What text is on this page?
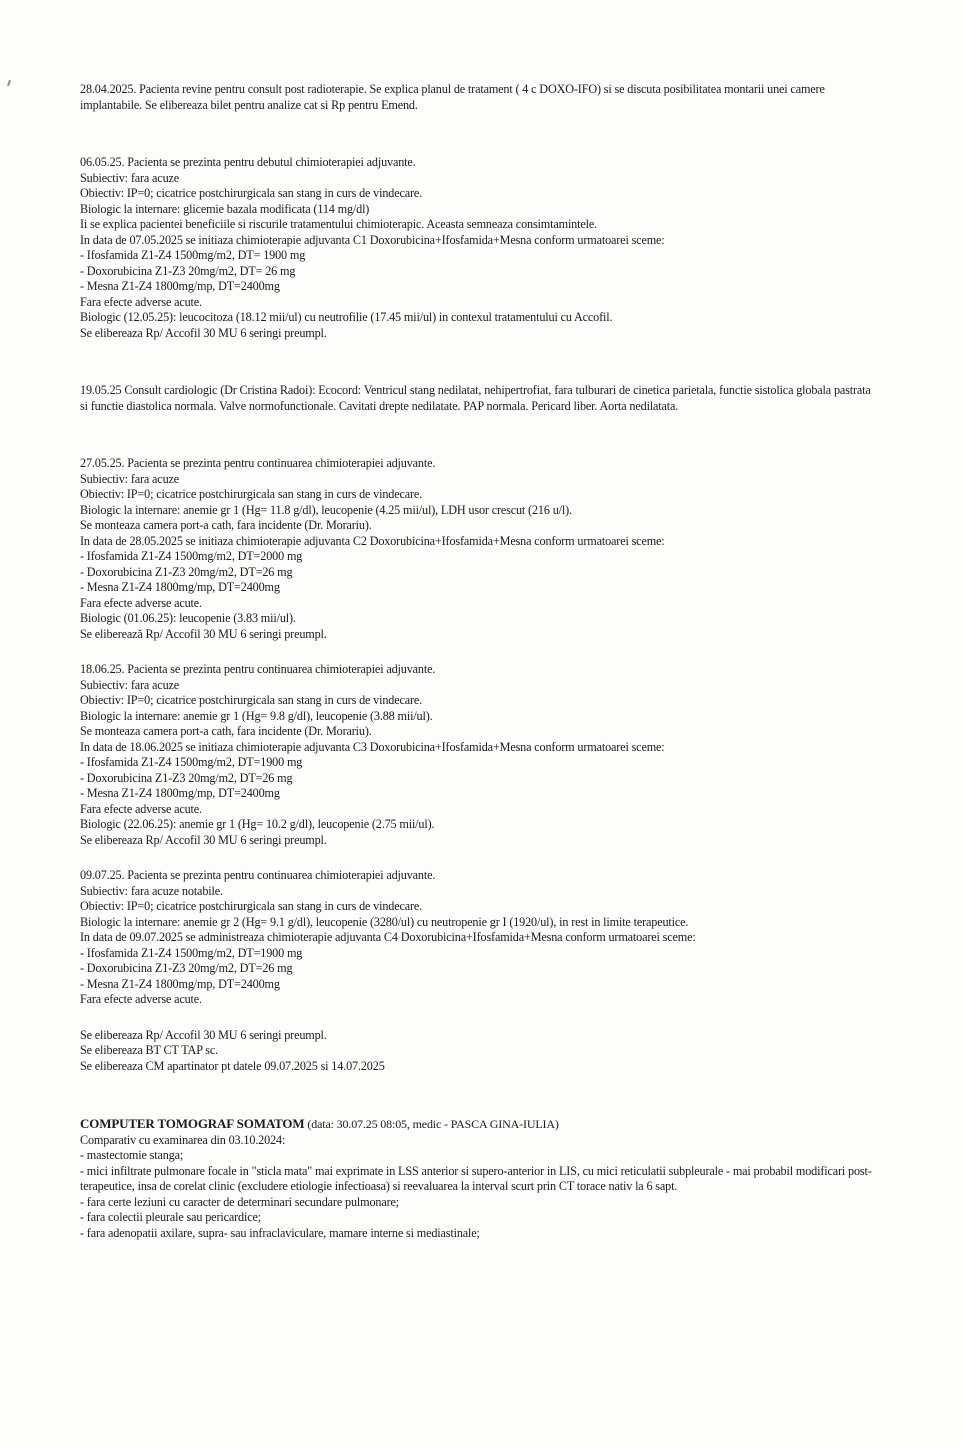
28.04.2025. Pacienta revine pentru consult post radioterapie. Se explica planul de tratament ( 4 c DOXO-IFO) si se discuta posibilitatea montarii unei camere implantabile. Se elibereaza bilet pentru analize cat si Rp pentru Emend.
06.05.25. Pacienta se prezinta pentru debutul chimioterapiei adjuvante.
Subiectiv: fara acuze
Obiectiv: IP=0; cicatrice postchirurgicala san stang in curs de vindecare.
Biologic la internare: glicemie bazala modificata (114 mg/dl)
Ii se explica pacientei beneficiile si riscurile tratamentului chimioterapic. Aceasta semneaza consimtamintele.
In data de 07.05.2025 se initiaza chimioterapie adjuvanta C1 Doxorubicina+Ifosfamida+Mesna conform urmatoarei sceme:
- Ifosfamida Z1-Z4 1500mg/m2, DT= 1900 mg
- Doxorubicina Z1-Z3 20mg/m2, DT= 26 mg
- Mesna Z1-Z4 1800mg/mp, DT=2400mg
Fara efecte adverse acute.
Biologic (12.05.25): leucocitoza (18.12 mii/ul) cu neutrofilie (17.45 mii/ul) in contexul tratamentului cu Accofil.
Se elibereaza Rp/ Accofil 30 MU 6 seringi preumpl.
19.05.25 Consult cardiologic (Dr Cristina Radoi): Ecocord: Ventricul stang nedilatat, nehipertrofiat, fara tulburari de cinetica parietala, functie sistolica globala pastrata si functie diastolica normala. Valve normofunctionale. Cavitati drepte nedilatate. PAP normala. Pericard liber. Aorta nedilatata.
27.05.25. Pacienta se prezinta pentru continuarea chimioterapiei adjuvante.
Subiectiv: fara acuze
Obiectiv: IP=0; cicatrice postchirurgicala san stang in curs de vindecare.
Biologic la internare: anemie gr 1 (Hg= 11.8 g/dl), leucopenie (4.25 mii/ul), LDH usor crescut (216 u/l).
Se monteaza camera port-a cath, fara incidente (Dr. Morariu).
In data de 28.05.2025 se initiaza chimioterapie adjuvanta C2 Doxorubicina+Ifosfamida+Mesna conform urmatoarei sceme:
- Ifosfamida Z1-Z4 1500mg/m2, DT=2000 mg
- Doxorubicina Z1-Z3 20mg/m2, DT=26 mg
- Mesna Z1-Z4 1800mg/mp, DT=2400mg
Fara efecte adverse acute.
Biologic (01.06.25): leucopenie (3.83 mii/ul).
Se elibereazǎ Rp/ Accofil 30 MU 6 seringi preumpl.
18.06.25. Pacienta se prezinta pentru continuarea chimioterapiei adjuvante.
Subiectiv: fara acuze
Obiectiv: IP=0; cicatrice postchirurgicala san stang in curs de vindecare.
Biologic la internare: anemie gr 1 (Hg= 9.8 g/dl), leucopenie (3.88 mii/ul).
Se monteaza camera port-a cath, fara incidente (Dr. Morariu).
In data de 18.06.2025 se initiaza chimioterapie adjuvanta C3 Doxorubicina+Ifosfamida+Mesna conform urmatoarei sceme:
- Ifosfamida Z1-Z4 1500mg/m2, DT=1900 mg
- Doxorubicina Z1-Z3 20mg/m2, DT=26 mg
- Mesna Z1-Z4 1800mg/mp, DT=2400mg
Fara efecte adverse acute.
Biologic (22.06.25): anemie gr 1 (Hg= 10.2 g/dl), leucopenie (2.75 mii/ul).
Se elibereaza Rp/ Accofil 30 MU 6 seringi preumpl.
09.07.25. Pacienta se prezinta pentru continuarea chimioterapiei adjuvante.
Subiectiv: fara acuze notabile.
Obiectiv: IP=0; cicatrice postchirurgicala san stang in curs de vindecare.
Biologic la internare: anemie gr 2 (Hg= 9.1 g/dl), leucopenie (3280/ul) cu neutropenie gr I (1920/ul), in rest in limite terapeutice.
In data de 09.07.2025 se administreaza chimioterapie adjuvanta C4 Doxorubicina+Ifosfamida+Mesna conform urmatoarei sceme:
- Ifosfamida Z1-Z4 1500mg/m2, DT=1900 mg
- Doxorubicina Z1-Z3 20mg/m2, DT=26 mg
- Mesna Z1-Z4 1800mg/mp, DT=2400mg
Fara efecte adverse acute.
Se elibereaza Rp/ Accofil 30 MU 6 seringi preumpl.
Se elibereaza BT CT TAP sc.
Se elibereaza CM apartinator pt datele 09.07.2025 si 14.07.2025
COMPUTER TOMOGRAF SOMATOM (data: 30.07.25 08:05, medic - PASCA GINA-IULIA)
Comparativ cu examinarea din 03.10.2024:
- mastectomie stanga;
- mici infiltrate pulmonare focale in "sticla mata" mai exprimate in LSS anterior si supero-anterior in LIS, cu mici reticulatii subpleurale - mai probabil modificari post-terapeutice, insa de corelat clinic (excludere etiologie infectioasa) si reevaluarea la interval scurt prin CT torace nativ la 6 sapt.
- fara certe leziuni cu caracter de determinari secundare pulmonare;
- fara colectii pleurale sau pericardice;
- fara adenopatii axilare, supra- sau infraclaviculare, mamare interne si mediastinale;
